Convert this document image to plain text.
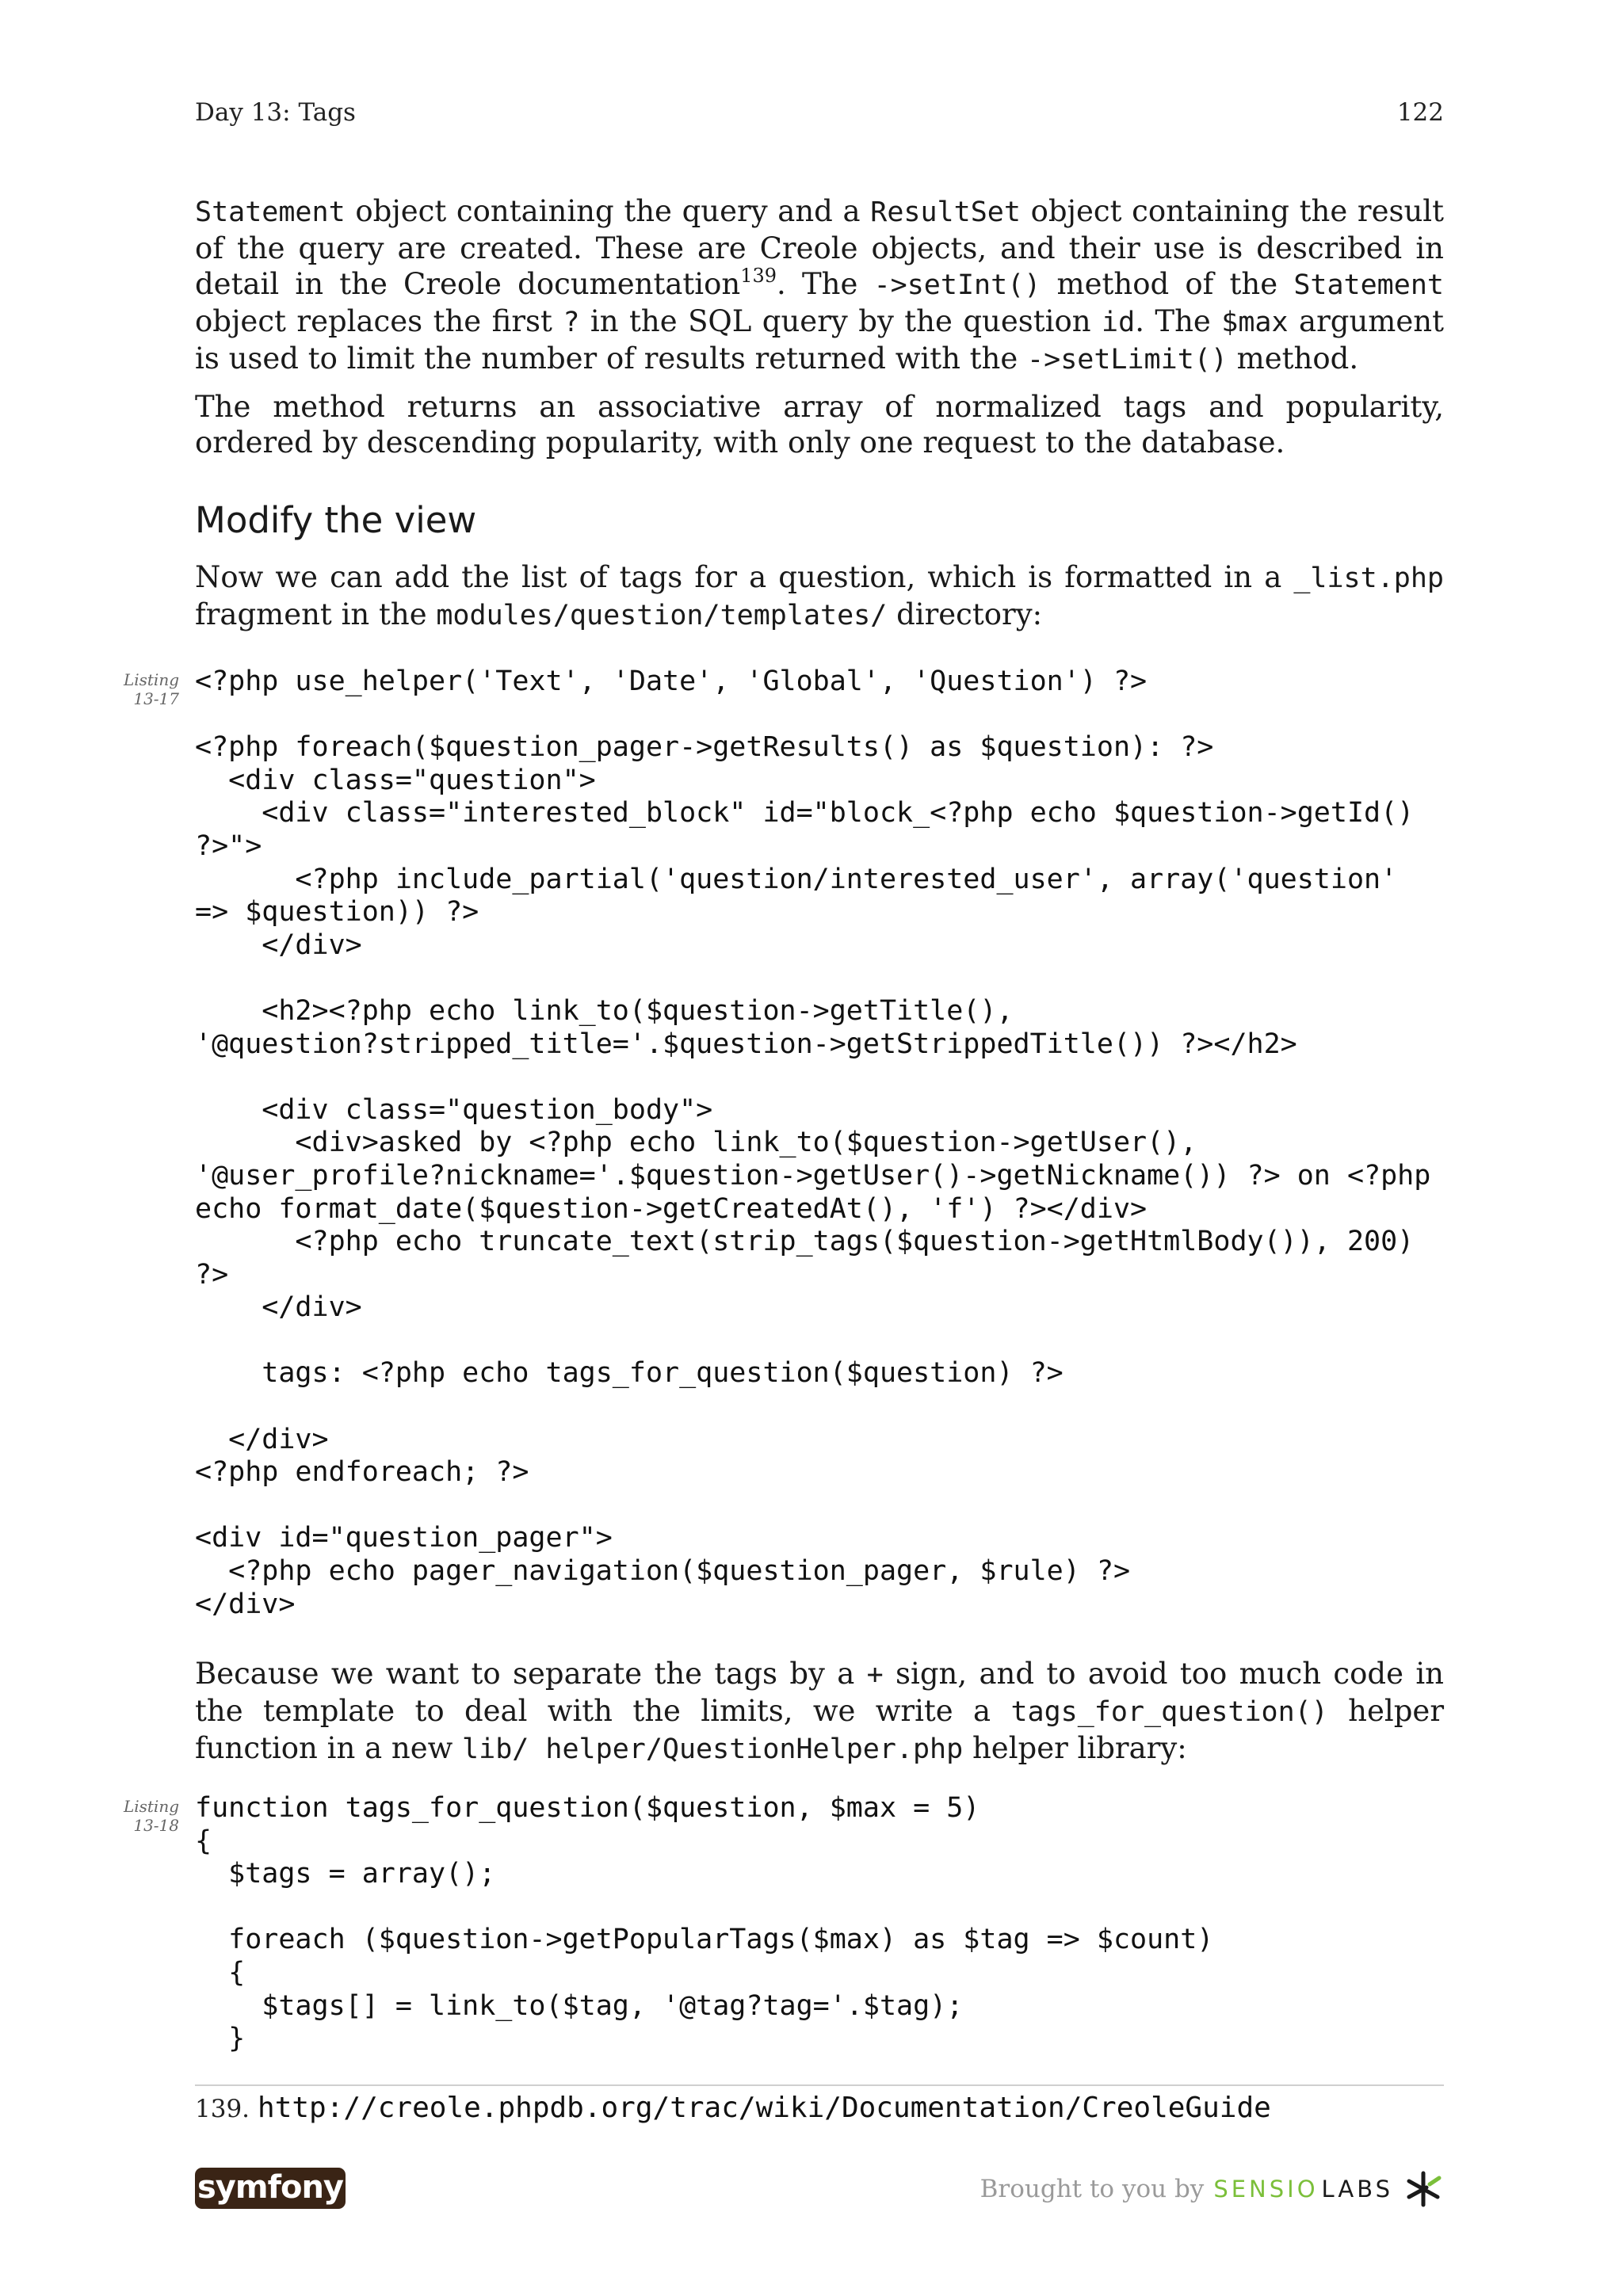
Day 13: Tags	122

Statement object containing the query and a ResultSet object containing the result of the query are created. These are Creole objects, and their use is described in detail in the Creole documentation$^{139}$. The ->setInt() method of the Statement object replaces the first ? in the SQL query by the question id. The $max argument is used to limit the number of results returned with the ->setLimit() method.

The method returns an associative array of normalized tags and popularity, ordered by descending popularity, with only one request to the database.

Modify the view

Now we can add the list of tags for a question, which is formatted in a _list.php fragment in the modules/question/templates/ directory:

Listing
13-17
<?php use_helper('Text', 'Date', 'Global', 'Question') ?>

<?php foreach($question_pager->getResults() as $question): ?>
<div class="question">
<div class="interested_block" id="block_<?php echo $question->getId()
?>">
<?php include_partial('question/interested_user', array('question'
=> $question)) ?>
</div>

<h2><?php echo link_to($question->getTitle(),
'@question?stripped_title='.$question->getStrippedTitle()) ?></h2>

<div class="question_body">
<div>asked by <?php echo link_to($question->getUser(),
'@user_profile?nickname='.$question->getUser()->getNickname()) ?> on <?php
echo format_date($question->getCreatedAt(), 'f') ?></div>
<?php echo truncate_text(strip_tags($question->getHtmlBody()), 200)
?>
</div>

tags: <?php echo tags_for_question($question) ?>

</div>
<?php endforeach; ?>

<div id="question_pager">
<?php echo pager_navigation($question_pager, $rule) ?>
</div>

Because we want to separate the tags by a + sign, and to avoid too much code in the template to deal with the limits, we write a tags_for_question() helper function in a new lib/ helper/QuestionHelper.php helper library:

Listing
13-18
function tags_for_question($question, $max = 5)
{
$tags = array();

foreach ($question->getPopularTags($max) as $tag => $count)
{
$tags[] = link_to($tag, '@tag?tag='.$tag);
}
139. http://creole.phpdb.org/trac/wiki/Documentation/CreoleGuide
symfony	Brought to you by SENSIO LABS
